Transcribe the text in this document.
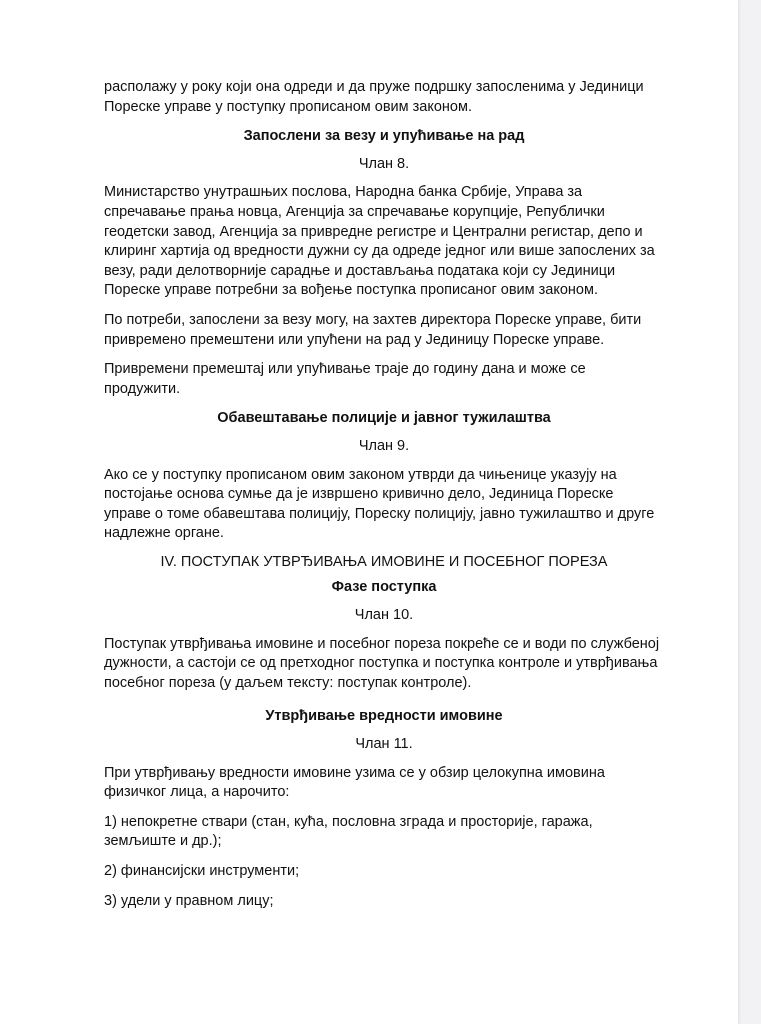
располажу у року који она одреди и да пруже подршку запосленима у Јединици Пореске управе у поступку прописаном овим законом.

Запослени за везу и упућивање на рад

Члан 8.

Министарство унутрашњих послова, Народна банка Србије, Управа за спречавање прања новца, Агенција за спречавање корупције, Републички геодетски завод, Агенција за привредне регистре и Централни регистар, депо и клиринг хартија од вредности дужни су да одреде једног или више запослених за везу, ради делотворније сарадње и достављања података који су Јединици Пореске управе потребни за вођење поступка прописаног овим законом.

По потреби, запослени за везу могу, на захтев директора Пореске управе, бити привремено премештени или упућени на рад у Јединицу Пореске управе.

Привремени премештај или упућивање траје до годину дана и може се продужити.

Обавештавање полиције и јавног тужилаштва

Члан 9.

Ако се у поступку прописаном овим законом утврди да чињенице указују на постојање основа сумње да је извршено кривично дело, Јединица Пореске управе о томе обавештава полицију, Пореску полицију, јавно тужилаштво и друге надлежне органе.

IV. ПОСТУПАК УТВРЂИВАЊА ИМОВИНЕ И ПОСЕБНОГ ПОРЕЗА

Фазе поступка

Члан 10.

Поступак утврђивања имовине и посебног пореза покреће се и води по службеној дужности, а састоји се од претходног поступка и поступка контроле и утврђивања посебног пореза (у даљем тексту: поступак контроле).

Утврђивање вредности имовине

Члан 11.

При утврђивању вредности имовине узима се у обзир целокупна имовина физичког лица, а нарочито:

1) непокретне ствари (стан, кућа, пословна зграда и просторије, гаража, земљиште и др.);

2) финансијски инструменти;

3) удели у правном лицу;
